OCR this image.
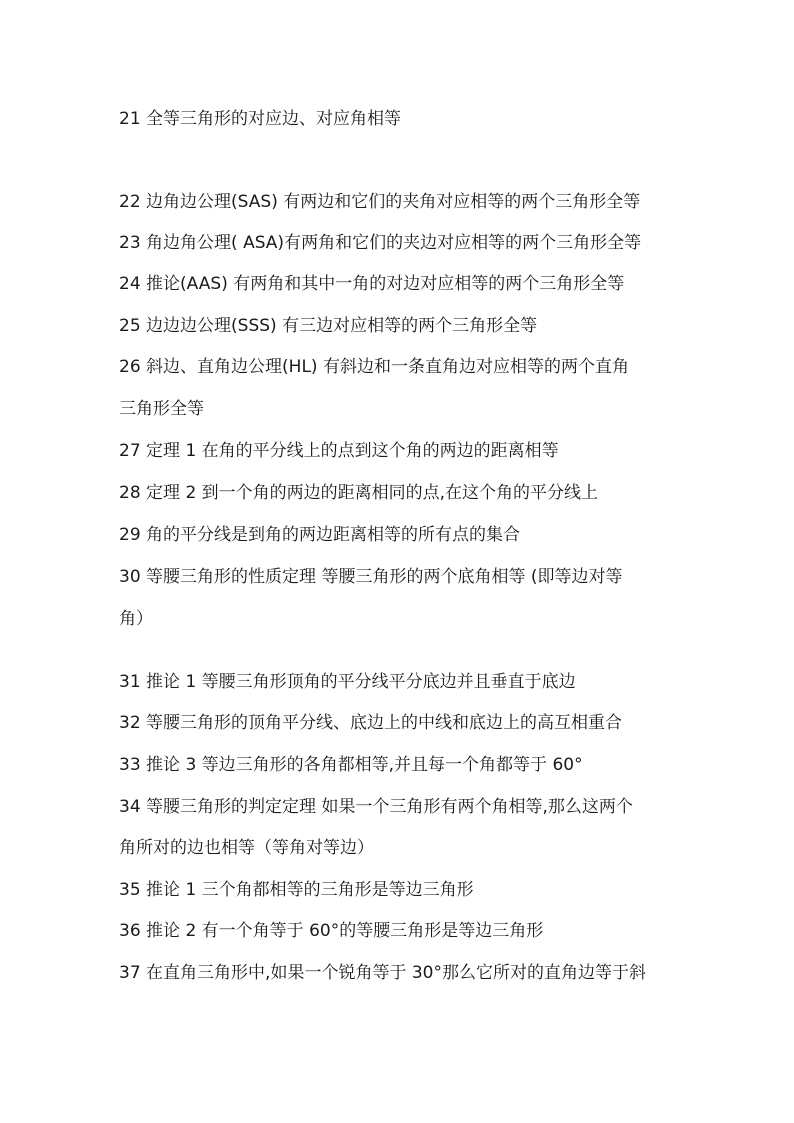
21 全等三角形的对应边、对应角相等
22 边角边公理(SAS) 有两边和它们的夹角对应相等的两个三角形全等
23 角边角公理( ASA)有两角和它们的夹边对应相等的两个三角形全等
24 推论(AAS) 有两角和其中一角的对边对应相等的两个三角形全等
25 边边边公理(SSS) 有三边对应相等的两个三角形全等
26 斜边、直角边公理(HL) 有斜边和一条直角边对应相等的两个直角
三角形全等
27 定理 1 在角的平分线上的点到这个角的两边的距离相等
28 定理 2 到一个角的两边的距离相同的点,在这个角的平分线上
29 角的平分线是到角的两边距离相等的所有点的集合
30 等腰三角形的性质定理 等腰三角形的两个底角相等 (即等边对等
角）
31 推论 1 等腰三角形顶角的平分线平分底边并且垂直于底边
32 等腰三角形的顶角平分线、底边上的中线和底边上的高互相重合
33 推论 3 等边三角形的各角都相等,并且每一个角都等于 60°
34 等腰三角形的判定定理 如果一个三角形有两个角相等,那么这两个
角所对的边也相等（等角对等边）
35 推论 1 三个角都相等的三角形是等边三角形
36 推论 2 有一个角等于 60°的等腰三角形是等边三角形
37 在直角三角形中,如果一个锐角等于 30°那么它所对的直角边等于斜
